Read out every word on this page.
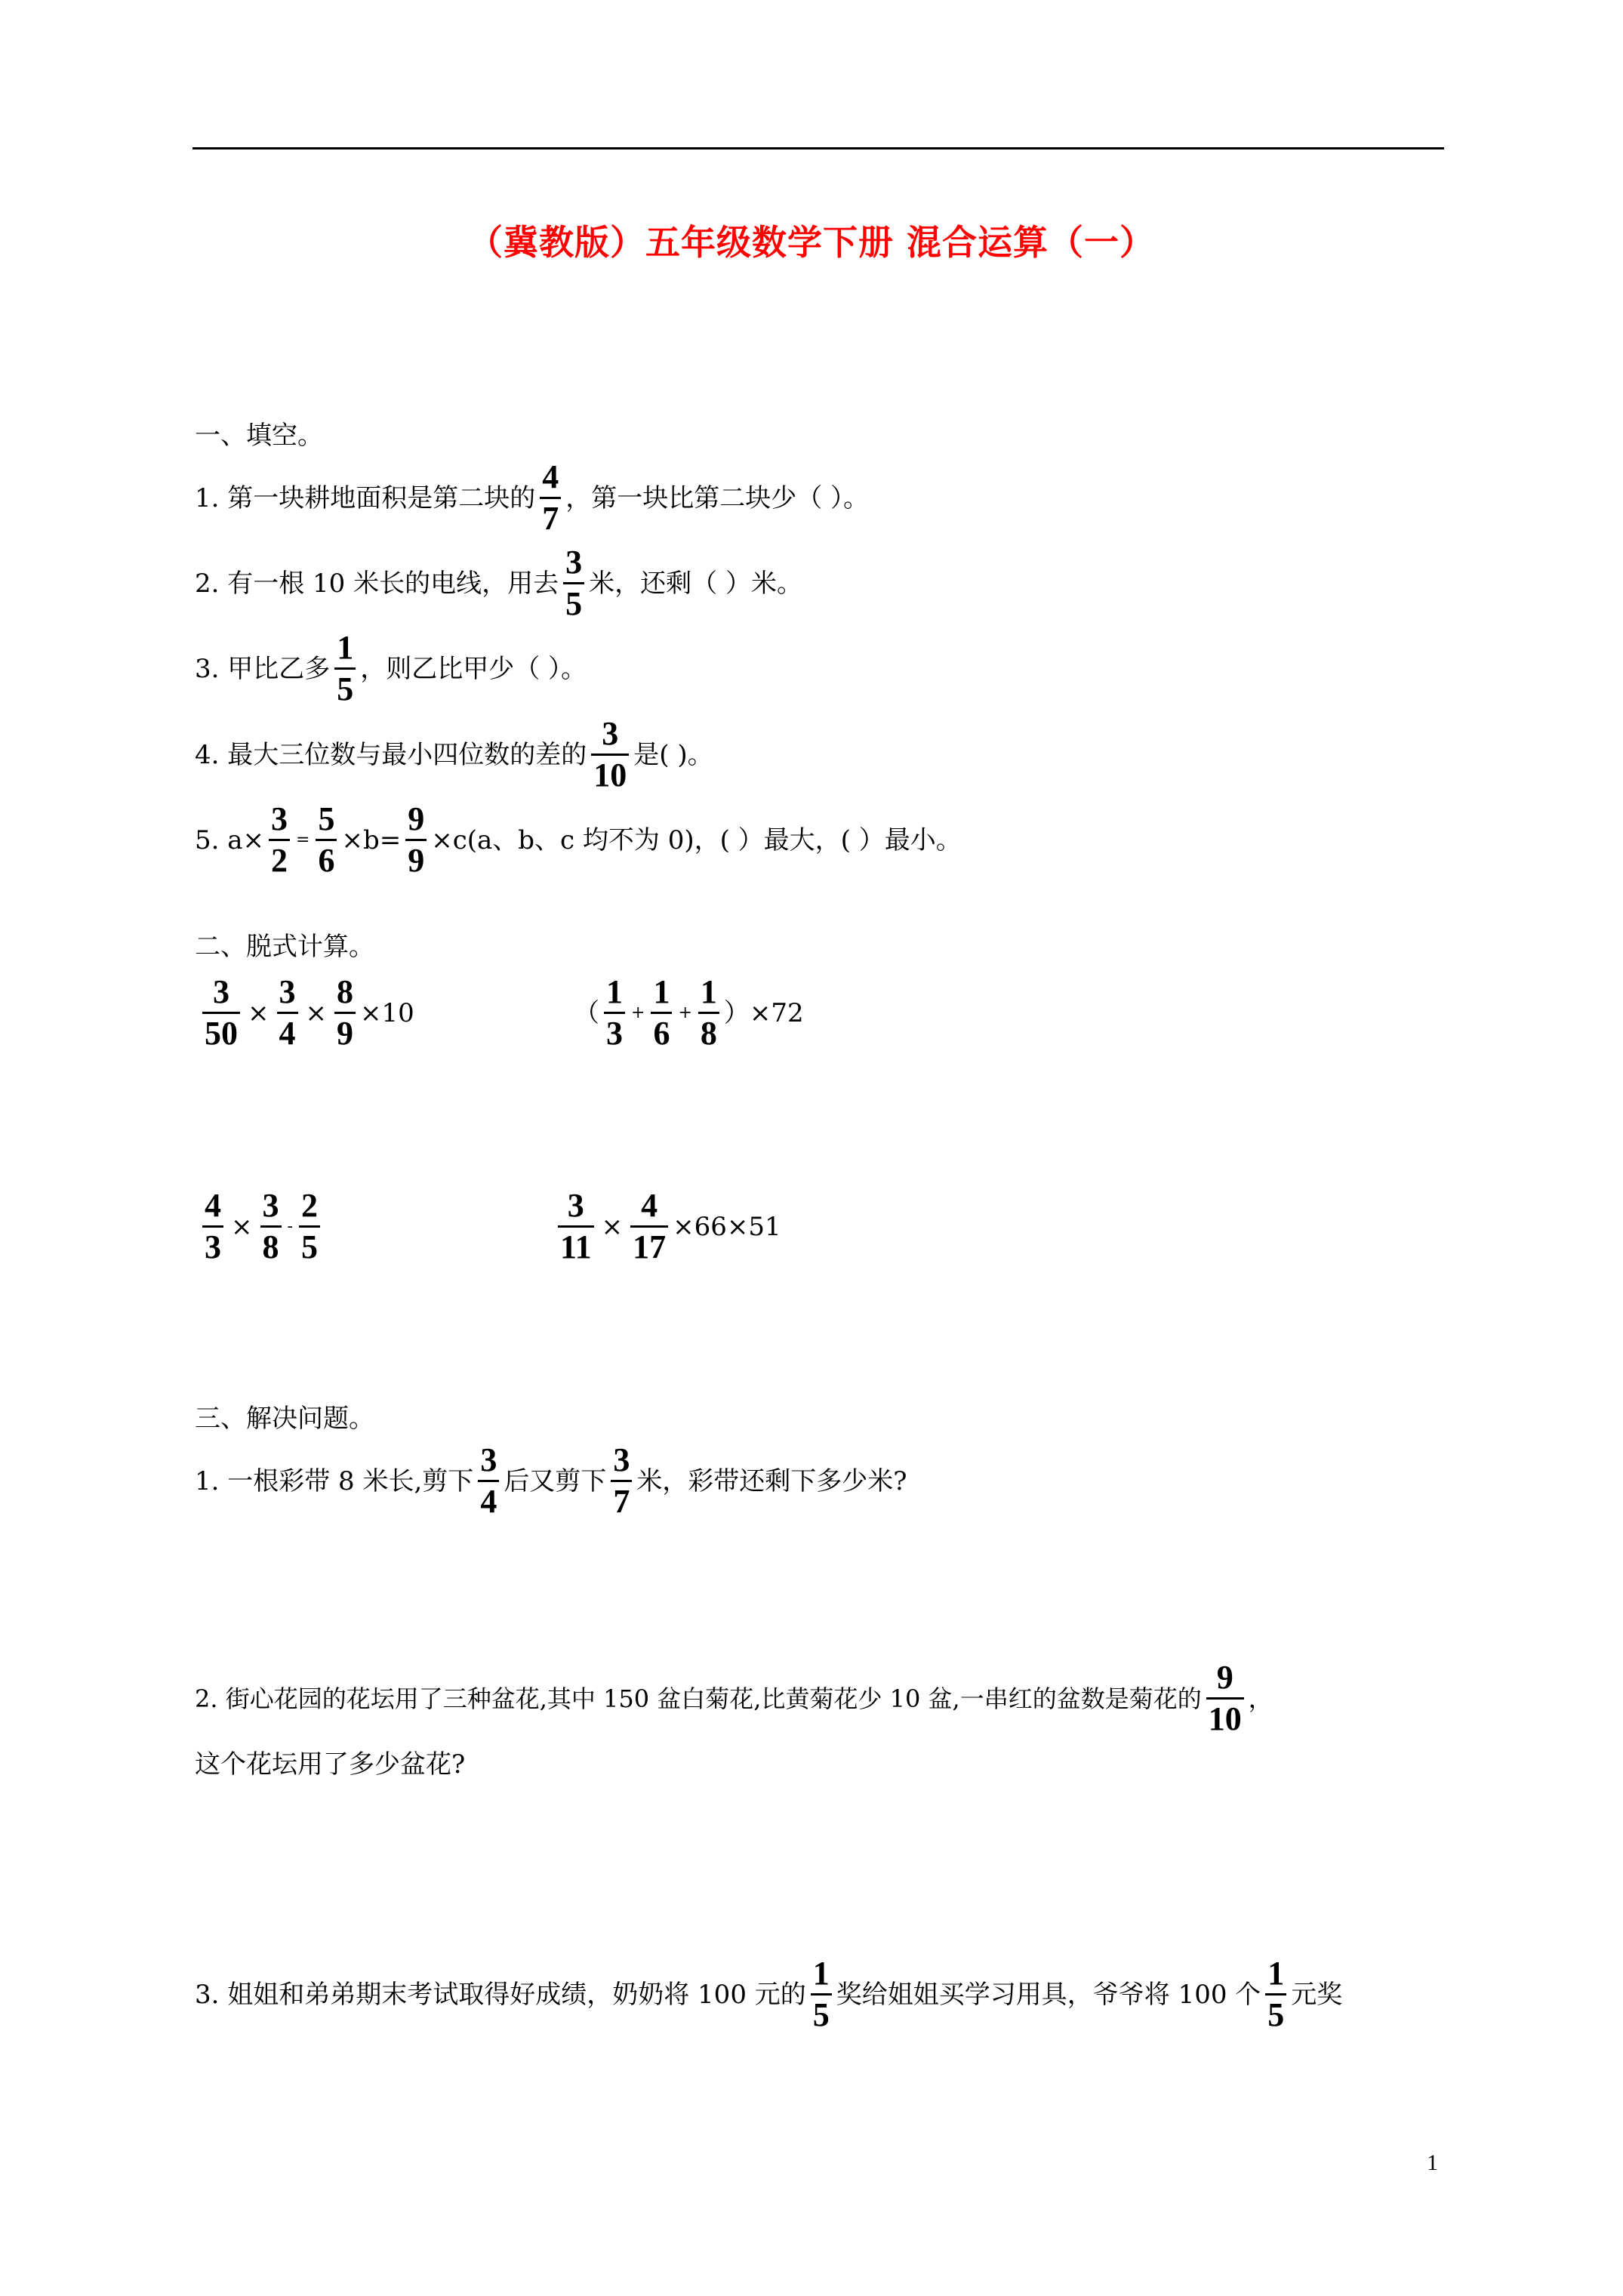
（冀教版）五年级数学下册 混合运算（一）
一、填空。
1. 第一块耕地面积是第二块的 $\frac{4}{7}$ ，第一块比第二块少（ ）。
2. 有一根 10 米长的电线，用去 $\frac{3}{5}$ 米，还剩（ ）米。
3. 甲比乙多 $\frac{1}{5}$ ，则乙比甲少（ ）。
4. 最大三位数与最小四位数的差的 $\frac{3}{10}$ 是( )。
5. $a\times \frac{3}{2} = \frac{5}{6} \times b= \frac{9}{9} \times c(a$、b、c 均不为 0)，( ）最大，( ）最小。
二、脱式计算。
$\frac{3}{50} \times \frac{3}{4} \times \frac{8}{9} \times 10$	（ $\frac{1}{3} + \frac{1}{6} + \frac{1}{8} )\times 72$
$\frac{4}{3} \times \frac{3}{8} - \frac{2}{5}$	$\frac{3}{11} \times \frac{4}{17} \times 66\times 51$
三、解决问题。
1. 一根彩带 8 米长,剪下 $\frac{3}{4}$ 后又剪下 $\frac{3}{7}$ 米，彩带还剩下多少米?
2. 街心花园的花坛用了三种盆花,其中 150 盆白菊花,比黄菊花少 10 盆,一串红的盆数是菊花的 $\frac{9}{10}$ ，
这个花坛用了多少盆花?
3. 姐姐和弟弟期末考试取得好成绩，奶奶将 100 元的 $\frac{1}{5}$ 奖给姐姐买学习用具，爷爷将 100 个 $\frac{1}{5}$ 元奖
1
